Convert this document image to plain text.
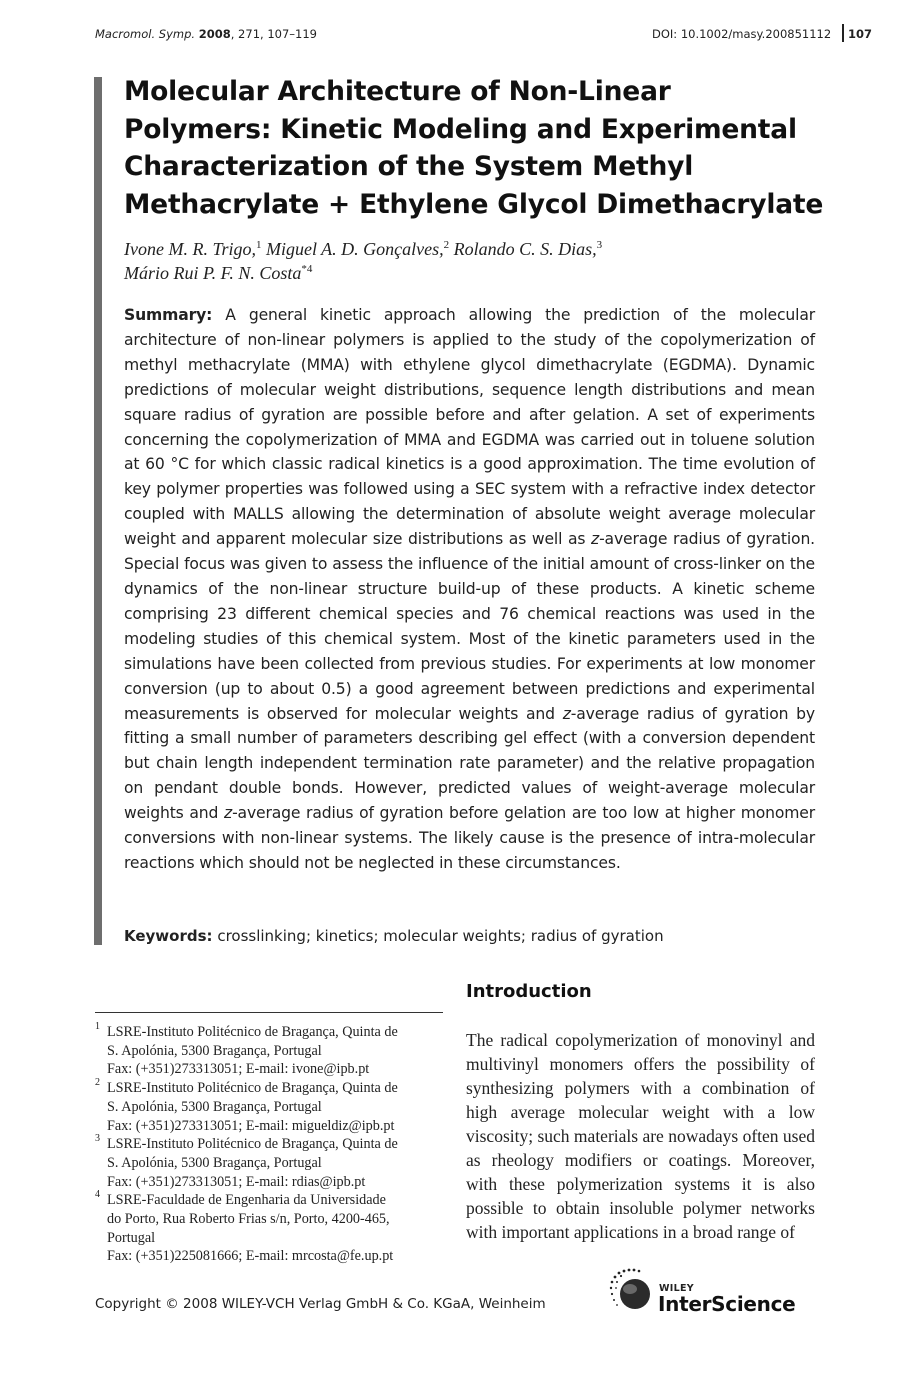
Macromol. Symp. 2008, 271, 107–119	DOI: 10.1002/masy.200851112 107
Molecular Architecture of Non-Linear Polymers: Kinetic Modeling and Experimental Characterization of the System Methyl Methacrylate + Ethylene Glycol Dimethacrylate
Ivone M. R. Trigo,$^1$ Miguel A. D. Gonçalves,$^2$ Rolando C. S. Dias,$^3$
Mário Rui P. F. N. Costa$^{*4}$

Summary: A general kinetic approach allowing the prediction of the molecular architecture of non-linear polymers is applied to the study of the copolymerization of methyl methacrylate (MMA) with ethylene glycol dimethacrylate (EGDMA). Dynamic predictions of molecular weight distributions, sequence length distributions and mean square radius of gyration are possible before and after gelation. A set of experiments concerning the copolymerization of MMA and EGDMA was carried out in toluene solution at 60 °C for which classic radical kinetics is a good approximation. The time evolution of key polymer properties was followed using a SEC system with a refractive index detector coupled with MALLS allowing the determination of absolute weight average molecular weight and apparent molecular size distributions as well as z-average radius of gyration. Special focus was given to assess the influence of the initial amount of cross-linker on the dynamics of the non-linear structure build-up of these products. A kinetic scheme comprising 23 different chemical species and 76 chemical reactions was used in the modeling studies of this chemical system. Most of the kinetic parameters used in the simulations have been collected from previous studies. For experiments at low monomer conversion (up to about 0.5) a good agreement between predictions and experimental measurements is observed for molecular weights and z-average radius of gyration by fitting a small number of parameters describing gel effect (with a conversion dependent but chain length independent termination rate parameter) and the relative propagation on pendant double bonds. However, predicted values of weight-average molecular weights and z-average radius of gyration before gelation are too low at higher monomer conversions with non-linear systems. The likely cause is the presence of intra-molecular reactions which should not be neglected in these circumstances.

Keywords: crosslinking; kinetics; molecular weights; radius of gyration
1 LSRE-Instituto Politécnico de Bragança, Quinta de
S. Apolónia, 5300 Bragança, Portugal
Fax: (+351)273313051; E-mail: ivone@ipb.pt
2 LSRE-Instituto Politécnico de Bragança, Quinta de
S. Apolónia, 5300 Bragança, Portugal
Fax: (+351)273313051; E-mail: migueldiz@ipb.pt
3 LSRE-Instituto Politécnico de Bragança, Quinta de
S. Apolónia, 5300 Bragança, Portugal
Fax: (+351)273313051; E-mail: rdias@ipb.pt
4 LSRE-Faculdade de Engenharia da Universidade
do Porto, Rua Roberto Frias s/n, Porto, 4200-465,
Portugal
Fax: (+351)225081666; E-mail: mrcosta@fe.up.pt
Introduction

The radical copolymerization of monovinyl and multivinyl monomers offers the possibility of synthesizing polymers with a combination of high average molecular weight with a low viscosity; such materials are nowadays often used as rheology modifiers or coatings. Moreover, with these polymerization systems it is also possible to obtain insoluble polymer networks with important applications in a broad range of

Copyright © 2008 WILEY-VCH Verlag GmbH & Co. KGaA, Weinheim
WILEY
InterScience
